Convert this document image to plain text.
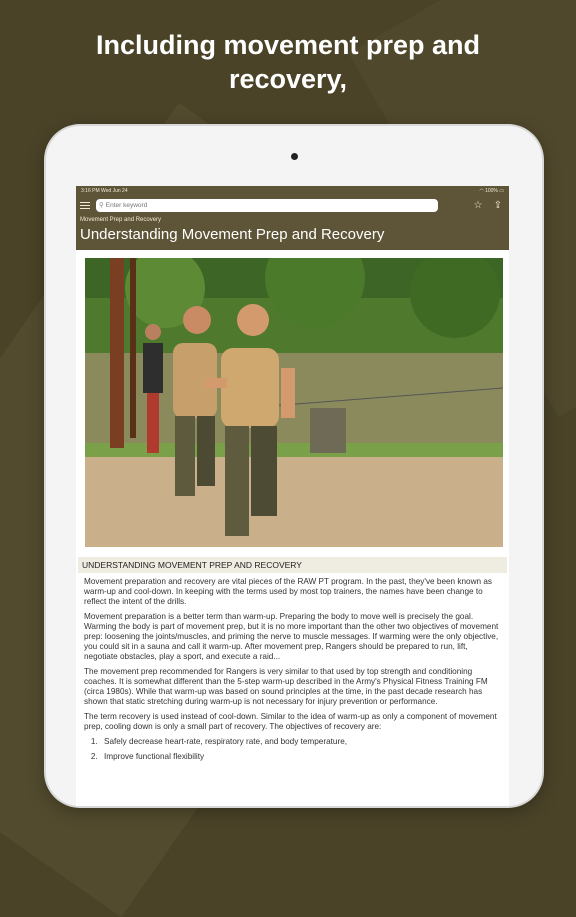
Including movement prep and
recovery,
3:16 PM Wed Jun 24	◠ 100% ▭
⚲
Enter keyword	☆ ⇪
Movement Prep and Recovery
Understanding Movement Prep and Recovery
UNDERSTANDING MOVEMENT PREP AND RECOVERY

Movement preparation and recovery are vital pieces of the RAW PT program. In the past, they've been known as warm-up and cool-down. In keeping with the terms used by most top trainers, the names have been change to reflect the intent of the drills.

Movement preparation is a better term than warm-up. Preparing the body to move well is precisely the goal. Warming the body is part of movement prep, but it is no more important than the other two objectives of movement prep: loosening the joints/muscles, and priming the nerve to muscle messages. If warming were the only objective, you could sit in a sauna and call it warm-up. After movement prep, Rangers should be prepared to run, lift, negotiate obstacles, play a sport, and execute a raid...

The movement prep recommended for Rangers is very similar to that used by top strength and conditioning coaches. It is somewhat different than the 5-step warm-up described in the Army's Physical Fitness Training FM (circa 1980s). While that warm-up was based on sound principles at the time, in the past decade research has shown that static stretching during warm-up is not necessary for injury prevention or performance.

The term recovery is used instead of cool-down. Similar to the idea of warm-up as only a component of movement prep, cooling down is only a small part of recovery. The objectives of recovery are:

1. Safely decrease heart-rate, respiratory rate, and body temperature,
2. Improve functional flexibility
